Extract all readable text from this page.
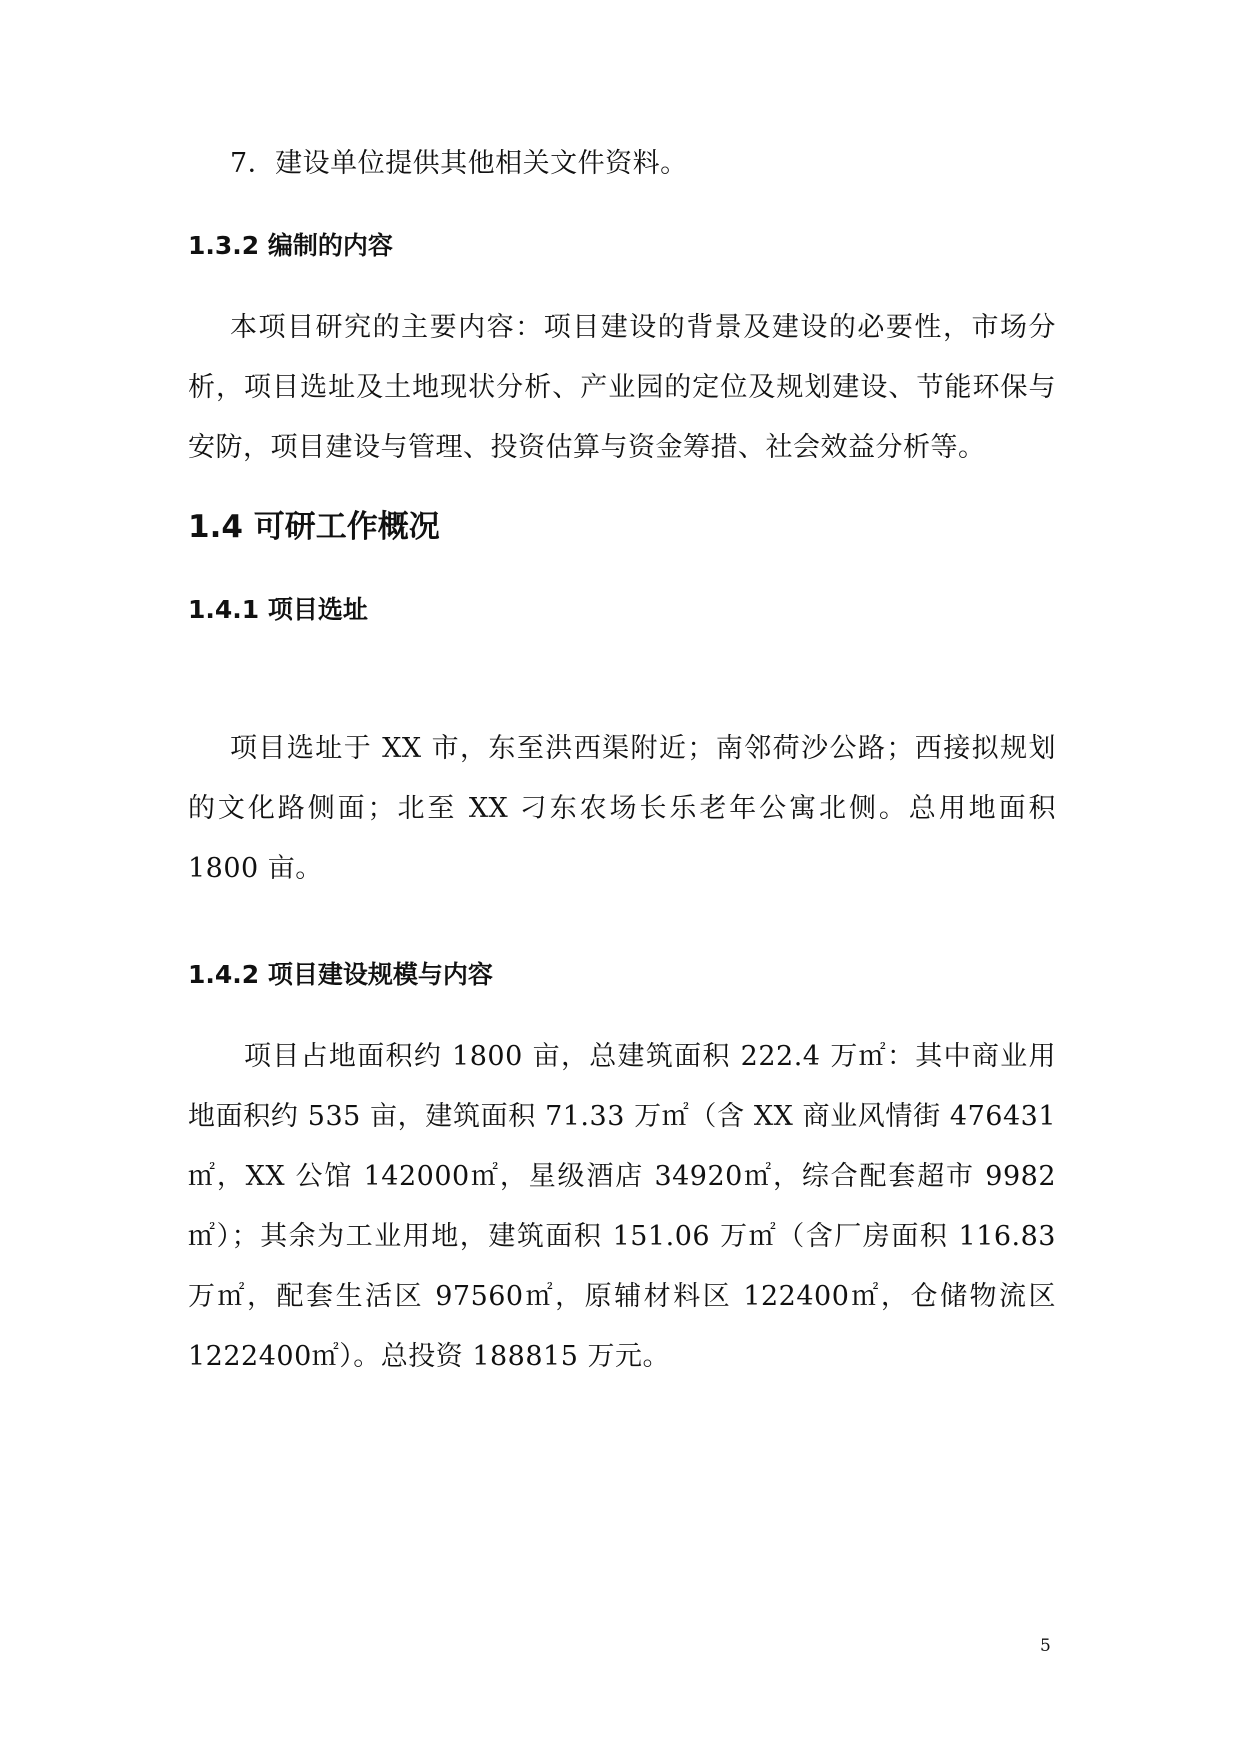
7．建设单位提供其他相关文件资料。

1.3.2 编制的内容

本项目研究的主要内容：项目建设的背景及建设的必要性，市场分析，项目选址及土地现状分析、产业园的定位及规划建设、节能环保与安防，项目建设与管理、投资估算与资金筹措、社会效益分析等。

1.4 可研工作概况
1.4.1 项目选址

项目选址于 XX 市，东至洪西渠附近；南邻荷沙公路；西接拟规划的文化路侧面；北至 XX 刁东农场长乐老年公寓北侧。总用地面积 1800 亩。

1.4.2 项目建设规模与内容

项目占地面积约 1800 亩，总建筑面积 222.4 万㎡：其中商业用地面积约 535 亩，建筑面积 71.33 万㎡（含 XX 商业风情街 476431㎡，XX 公馆 142000㎡，星级酒店 34920㎡，综合配套超市 9982㎡）；其余为工业用地，建筑面积 151.06 万㎡（含厂房面积 116.83 万㎡，配套生活区 97560㎡，原辅材料区 122400㎡，仓储物流区 1222400㎡）。总投资 188815 万元。

5
